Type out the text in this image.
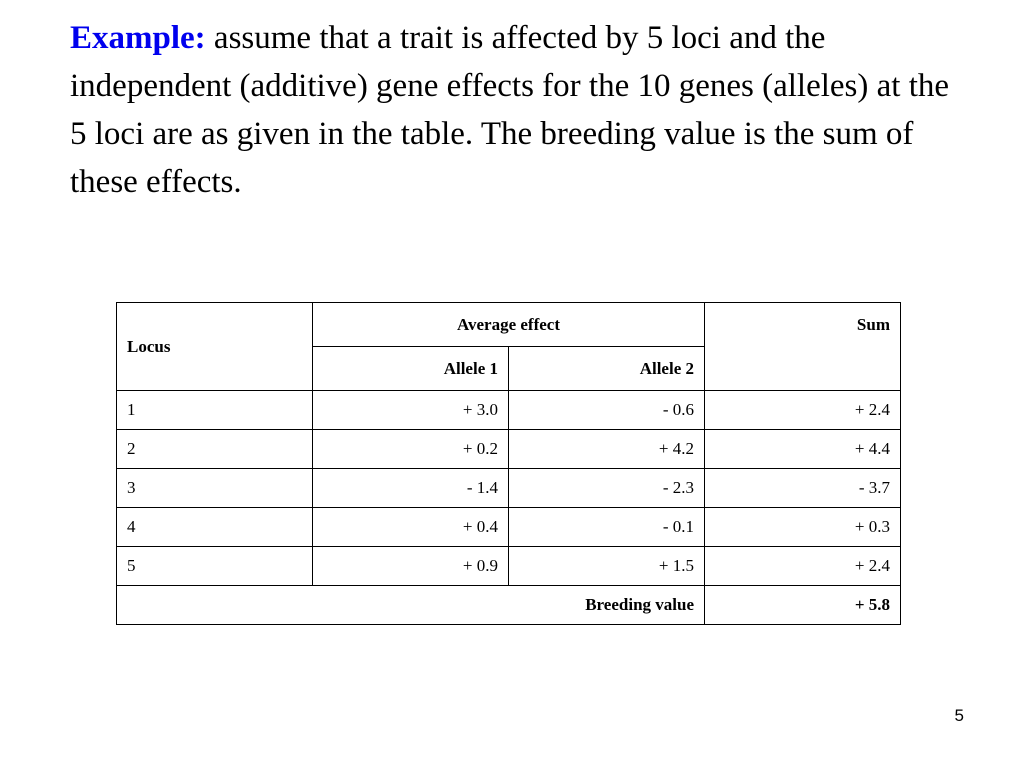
Example: assume that a trait is affected by 5 loci and the independent (additive) gene effects for the 10 genes (alleles) at the 5 loci are as given in the table. The breeding value is the sum of these effects.
Locus	Average effect		Sum
	Allele 1	Allele 2	
1	+ 3.0	- 0.6	+ 2.4
2	+ 0.2	+ 4.2	+ 4.4
3	- 1.4	- 2.3	- 3.7
4	+ 0.4	- 0.1	+ 0.3
5	+ 0.9	+ 1.5	+ 2.4
Breeding value			+ 5.8
5
